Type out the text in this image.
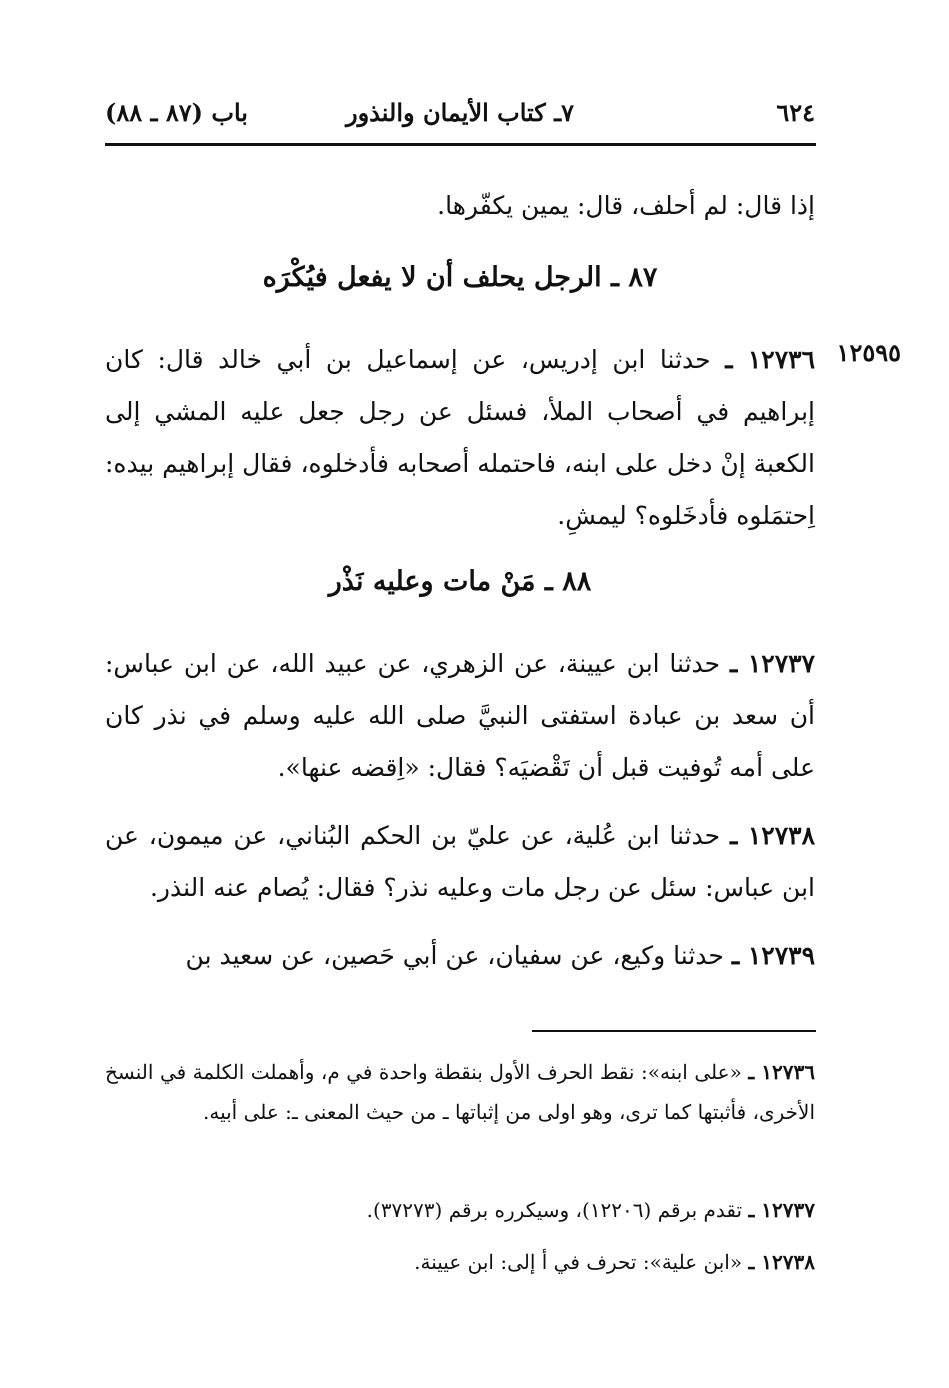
٦٢٤
٧ـ كتاب الأيمان والنذور
باب (٨٧ ـ ٨٨)
إذا قال: لم أحلف، قال: يمين يكفّرها.
٨٧ ـ الرجل يحلف أن لا يفعل فيُكْرَه
١٢٥٩٥
١٢٧٣٦ ـ حدثنا ابن إدريس، عن إسماعيل بن أبي خالد قال: كان إبراهيم في أصحاب الملأ، فسئل عن رجل جعل عليه المشي إلى الكعبة إنْ دخل على ابنه، فاحتمله أصحابه فأدخلوه، فقال إبراهيم بيده: اِحتمَلوه فأدخَلوه؟ ليمشِ.
٨٨ ـ مَنْ مات وعليه نَذْر
١٢٧٣٧ ـ حدثنا ابن عيينة، عن الزهري، عن عبيد الله، عن ابن عباس: أن سعد بن عبادة استفتى النبيَّ صلى الله عليه وسلم في نذر كان على أمه تُوفيت قبل أن تَقْضيَه؟ فقال: «اِقضه عنها».
١٢٧٣٨ ـ حدثنا ابن عُلية، عن عليّ بن الحكم البُناني، عن ميمون، عن ابن عباس: سئل عن رجل مات وعليه نذر؟ فقال: يُصام عنه النذر.
١٢٧٣٩ ـ حدثنا وكيع، عن سفيان، عن أبي حَصين، عن سعيد بن
١٢٧٣٦ ـ «على ابنه»: نقط الحرف الأول بنقطة واحدة في م، وأهملت الكلمة في النسخ الأخرى، فأثبتها كما ترى، وهو اولى من إثباتها ـ من حيث المعنى ـ: على أبيه.
١٢٧٣٧ ـ تقدم برقم (١٢٢٠٦)، وسيكرره برقم (٣٧٢٧٣).
١٢٧٣٨ ـ «ابن علية»: تحرف في أ إلى: ابن عيينة.
